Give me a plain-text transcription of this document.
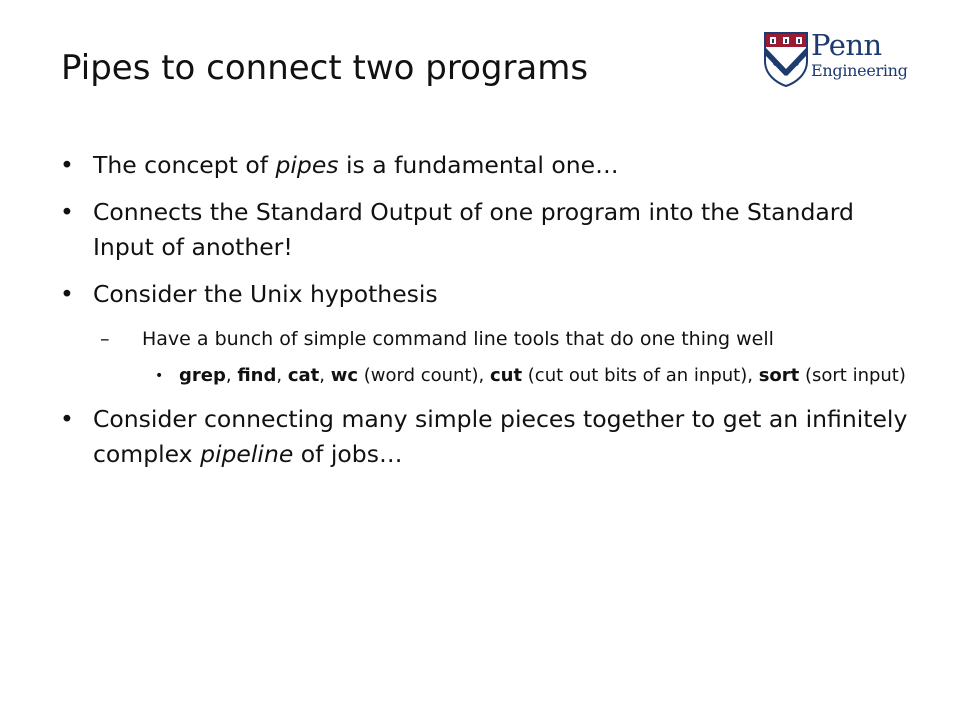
Pipes to connect two programs
Penn
Engineering
• The concept of pipes is a fundamental one…
• Connects the Standard Output of one program into the Standard Input of another!
• Consider the Unix hypothesis
– Have a bunch of simple command line tools that do one thing well
• grep, find, cat, wc (word count), cut (cut out bits of an input), sort (sort input)
• Consider connecting many simple pieces together to get an infinitely complex pipeline of jobs…
